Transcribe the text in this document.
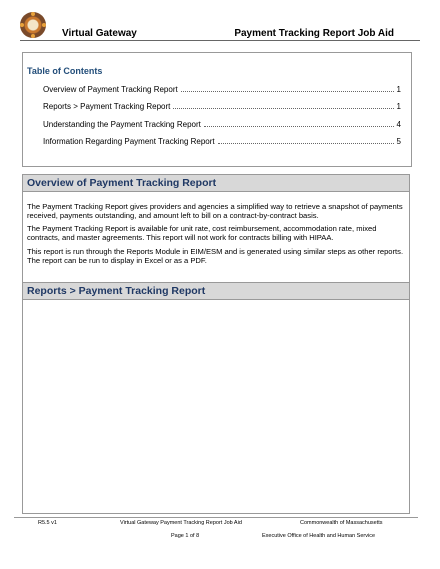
Virtual Gateway	Payment Tracking Report Job Aid
Table of Contents
Overview of Payment Tracking Report	1
Reports > Payment Tracking Report	1
Understanding the Payment Tracking Report	4
Information Regarding Payment Tracking Report	5
Overview of Payment Tracking Report
The Payment Tracking Report gives providers and agencies a simplified way to retrieve a snapshot of payments received, payments outstanding, and amount left to bill on a contract-by-contract basis.
The Payment Tracking Report is available for unit rate, cost reimbursement, accommodation rate, mixed contracts, and master agreements. This report will not work for contracts billing with HIPAA.
This report is run through the Reports Module in EIM/ESM and is generated using similar steps as other reports. The report can be run to display in Excel or as a PDF.
Reports > Payment Tracking Report
R5.5 v1	Virtual Gateway Payment Tracking Report Job Aid	Commonwealth of Massachusetts
Page 1 of 8	Executive Office of Health and Human Service
